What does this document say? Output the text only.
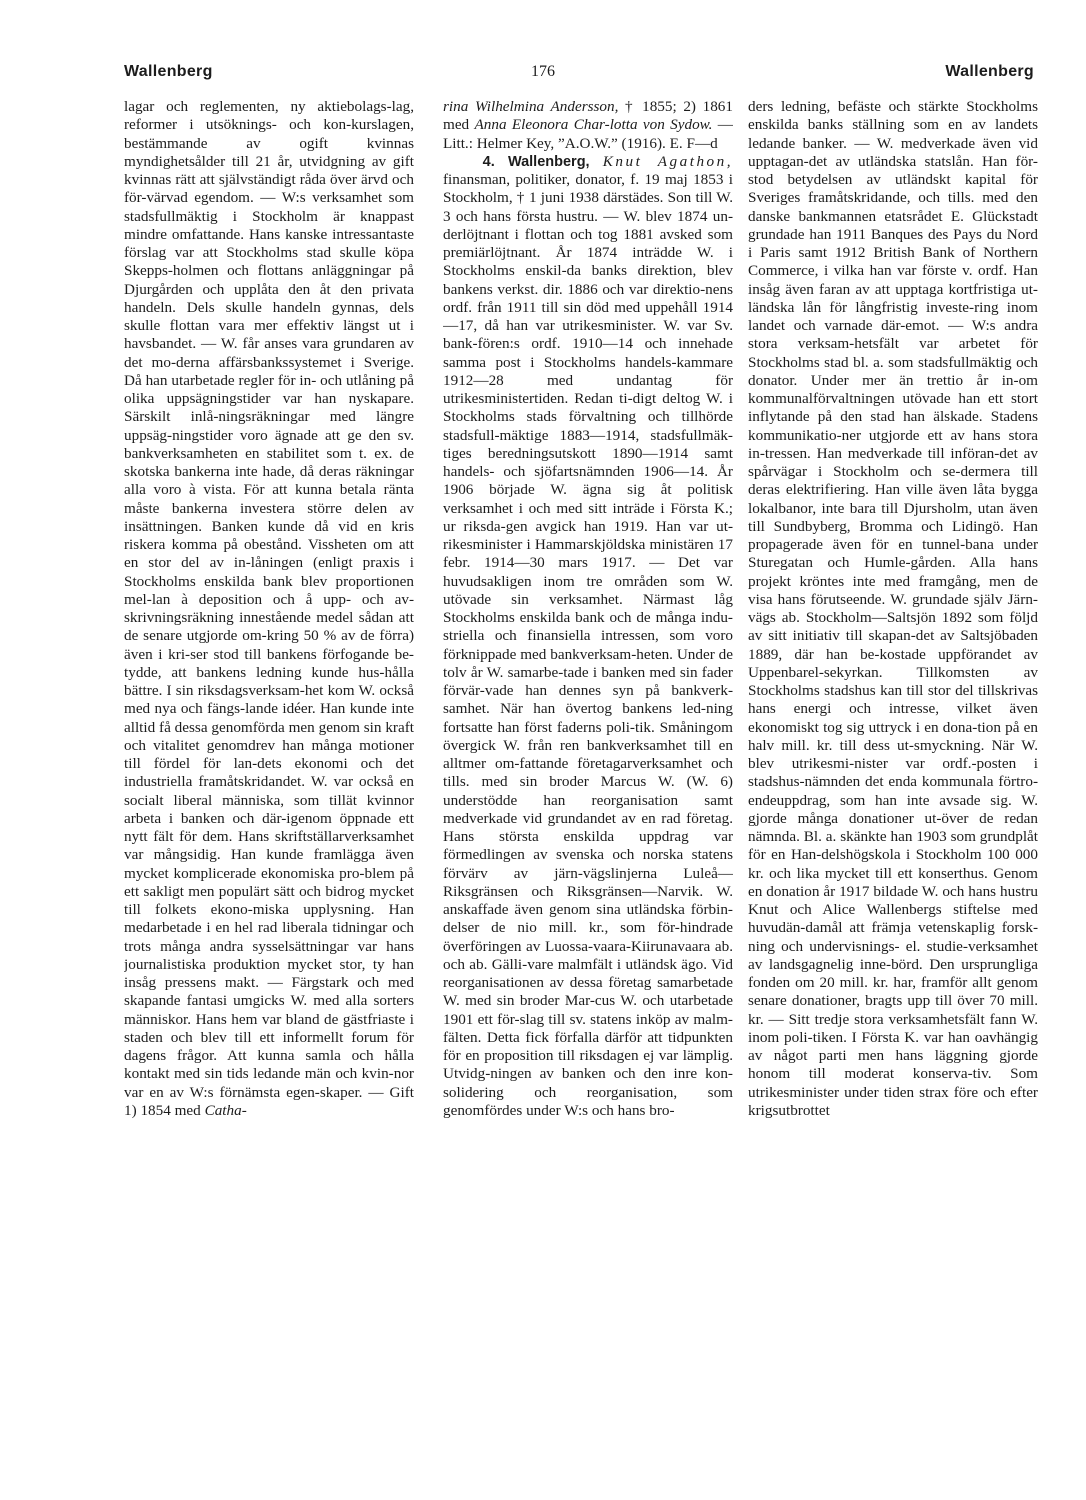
Wallenberg	176	Wallenberg

lagar och reglementen, ny aktiebolags-lag, reformer i utsöknings- och kon-kurslagen, bestämmande av ogift kvinnas myndighetsålder till 21 år, utvidgning av gift kvinnas rätt att självständigt råda över ärvd och för-värvad egendom. — W:s verksamhet som stadsfullmäktig i Stockholm är knappast mindre omfattande. Hans kanske intressantaste förslag var att Stockholms stad skulle köpa Skepps-holmen och flottans anläggningar på Djurgården och upplåta den åt den privata handeln. Dels skulle handeln gynnas, dels skulle flottan vara mer effektiv längst ut i havsbandet. — W. får anses vara grundaren av det mo-derna affärsbankssystemet i Sverige. Då han utarbetade regler för in- och utlåning på olika uppsägningstider var han nyskapare. Särskilt inlå-ningsräkningar med längre uppsäg-ningstider voro ägnade att ge den sv. bankverksamheten en stabilitet som t. ex. de skotska bankerna inte hade, då deras räkningar alla voro à vista. För att kunna betala ränta måste bankerna investera större delen av insättningen. Banken kunde då vid en kris riskera komma på obestånd. Vissheten om att en stor del av in-låningen (enligt praxis i Stockholms enskilda bank blev proportionen mel-lan à deposition och å upp- och av-skrivningsräkning innestående medel sådan att de senare utgjorde om-kring 50 % av de förra) även i kri-ser stod till bankens förfogande be-tydde, att bankens ledning kunde hus-hålla bättre. I sin riksdagsverksam-het kom W. också med nya och fängs-lande idéer. Han kunde inte alltid få dessa genomförda men genom sin kraft och vitalitet genomdrev han många motioner till fördel för lan-dets ekonomi och det industriella framåtskridandet. W. var också en socialt liberal människa, som tillät kvinnor arbeta i banken och där-igenom öppnade ett nytt fält för dem. Hans skriftställarverksamhet var mångsidig. Han kunde framlägga även mycket komplicerade ekonomiska pro-blem på ett sakligt men populärt sätt och bidrog mycket till folkets ekono-miska upplysning. Han medarbetade i en hel rad liberala tidningar och trots många andra sysselsättningar var hans journalistiska produktion mycket stor, ty han insåg pressens makt. — Färgstark och med skapande fantasi umgicks W. med alla sorters människor. Hans hem var bland de gästfriaste i staden och blev till ett informellt forum för dagens frågor. Att kunna samla och hålla kontakt med sin tids ledande män och kvin-nor var en av W:s förnämsta egen-skaper. — Gift 1) 1854 med Catha-

rina Wilhelmina Andersson, † 1855; 2) 1861 med Anna Eleonora Char-lotta von Sydow. — Litt.: Helmer Key, ”A.O.W.” (1916). E. F—d

4. Wallenberg, Knut Agathon, finansman, politiker, donator, f. 19 maj 1853 i Stockholm, † 1 juni 1938 därstädes. Son till W. 3 och hans första hustru. — W. blev 1874 un-derlöjtnant i flottan och tog 1881 avsked som premiärlöjtnant. År 1874 inträdde W. i Stockholms enskil-da banks direktion, blev bankens verkst. dir. 1886 och var direktio-nens ordf. från 1911 till sin död med uppehåll 1914—17, då han var utrikesminister. W. var Sv. bank-fören:s ordf. 1910—14 och innehade samma post i Stockholms handels-kammare 1912—28 med undantag för utrikesministertiden. Redan ti-digt deltog W. i Stockholms stads förvaltning och tillhörde stadsfull-mäktige 1883—1914, stadsfullmäk-tiges beredningsutskott 1890—1914 samt handels- och sjöfartsnämnden 1906—14. År 1906 började W. ägna sig åt politisk verksamhet i och med sitt inträde i Första K.; ur riksda-gen avgick han 1919. Han var ut-rikesminister i Hammarskjöldska ministären 17 febr. 1914—30 mars 1917. — Det var huvudsakligen inom tre områden som W. utövade sin verksamhet. Närmast låg Stockholms enskilda bank och de många indu-striella och finansiella intressen, som voro förknippade med bankverksam-heten. Under de tolv år W. samarbe-tade i banken med sin fader förvär-vade han dennes syn på bankverk-samhet. När han övertog bankens led-ning fortsatte han först faderns poli-tik. Småningom övergick W. från ren bankverksamhet till en alltmer om-fattande företagarverksamhet och tills. med sin broder Marcus W. (W. 6) understödde han reorganisation samt medverkade vid grundandet av en rad företag. Hans största enskilda uppdrag var förmedlingen av svenska och norska statens förvärv av järn-vägslinjerna Luleå—Riksgränsen och Riksgränsen—Narvik. W. anskaffade även genom sina utländska förbin-delser de nio mill. kr., som för-hindrade överföringen av Luossa-vaara-Kiirunavaara ab. och ab. Gälli-vare malmfält i utländsk ägo. Vid reorganisationen av dessa företag samarbetade W. med sin broder Mar-cus W. och utarbetade 1901 ett för-slag till sv. statens inköp av malm-fälten. Detta fick förfalla därför att tidpunkten för en proposition till riksdagen ej var lämplig. Utvidg-ningen av banken och den inre kon-solidering och reorganisation, som genomfördes under W:s och hans bro-

ders ledning, befäste och stärkte Stockholms enskilda banks ställning som en av landets ledande banker. — W. medverkade även vid upptagan-det av utländska statslån. Han för-stod betydelsen av utländskt kapital för Sveriges framåtskridande, och tills. med den danske bankmannen etatsrådet E. Glückstadt grundade han 1911 Banques des Pays du Nord i Paris samt 1912 British Bank of Northern Commerce, i vilka han var förste v. ordf. Han insåg även faran av att upptaga kortfristiga ut-ländska lån för långfristig investe-ring inom landet och varnade där-emot. — W:s andra stora verksam-hetsfält var arbetet för Stockholms stad bl. a. som stadsfullmäktig och donator. Under mer än trettio år in-om kommunalförvaltningen utövade han ett stort inflytande på den stad han älskade. Stadens kommunikatio-ner utgjorde ett av hans stora in-tressen. Han medverkade till införan-det av spårvägar i Stockholm och se-dermera till deras elektrifiering. Han ville även låta bygga lokalbanor, inte bara till Djursholm, utan även till Sundbyberg, Bromma och Lidingö. Han propagerade även för en tunnel-bana under Sturegatan och Humle-gården. Alla hans projekt kröntes inte med framgång, men de visa hans förutseende. W. grundade själv Järn-vägs ab. Stockholm—Saltsjön 1892 som följd av sitt initiativ till skapan-det av Saltsjöbaden 1889, där han be-kostade uppförandet av Uppenbarel-sekyrkan. Tillkomsten av Stockholms stadshus kan till stor del tillskrivas hans energi och intresse, vilket även ekonomiskt tog sig uttryck i en dona-tion på en halv mill. kr. till dess ut-smyckning. När W. blev utrikesmi-nister var ordf.-posten i stadshus-nämnden det enda kommunala förtro-endeuppdrag, som han inte avsade sig. W. gjorde många donationer ut-över de redan nämnda. Bl. a. skänkte han 1903 som grundplåt för en Han-delshögskola i Stockholm 100 000 kr. och lika mycket till ett konserthus. Genom en donation år 1917 bildade W. och hans hustru Knut och Alice Wallenbergs stiftelse med huvudän-damål att främja vetenskaplig forsk-ning och undervisnings- el. studie-verksamhet av landsgagnelig inne-börd. Den ursprungliga fonden om 20 mill. kr. har, framför allt genom senare donationer, bragts upp till över 70 mill. kr. — Sitt tredje stora verksamhetsfält fann W. inom poli-tiken. I Första K. var han oavhängig av något parti men hans läggning gjorde honom till moderat konserva-tiv. Som utrikesminister under tiden strax före och efter krigsutbrottet
